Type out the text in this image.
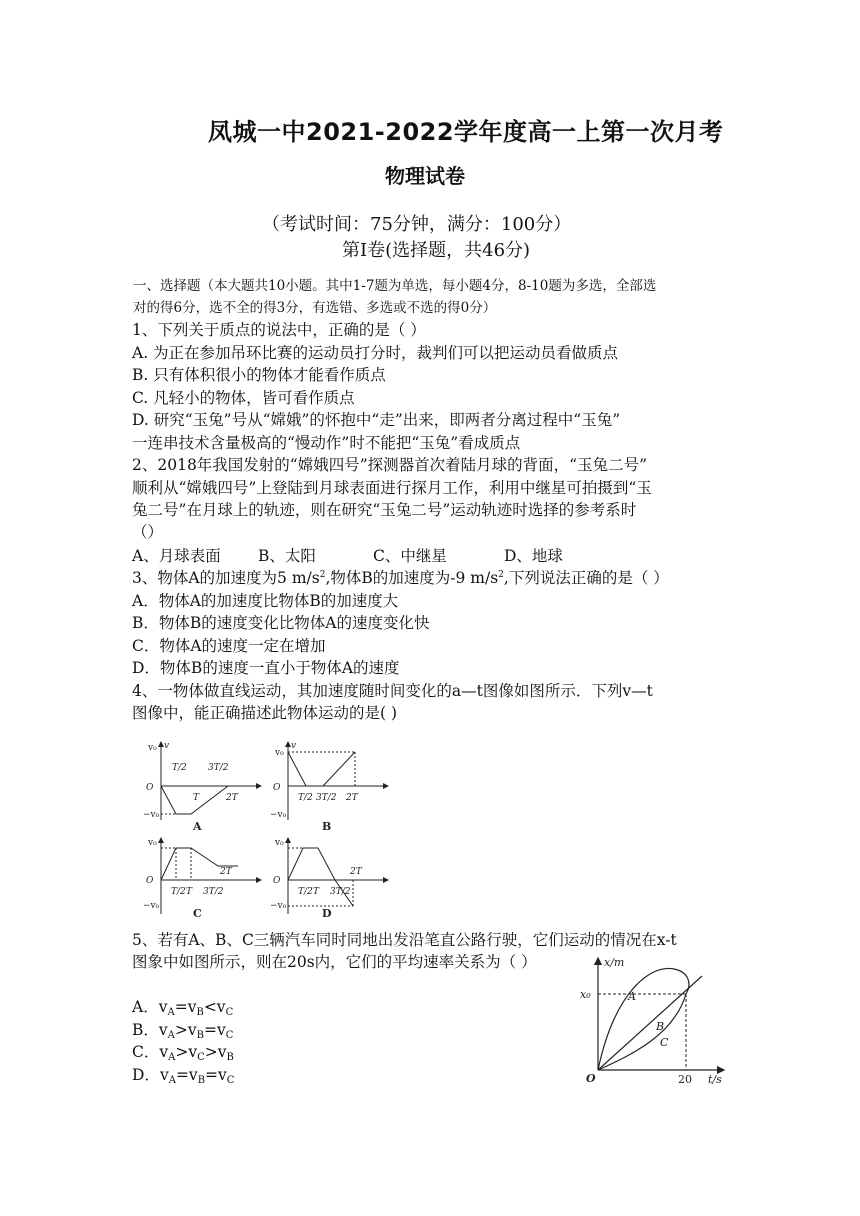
凤城一中2021-2022学年度高一上第一次月考
物理试卷
（考试时间：75分钟，满分：100分）
第Ⅰ卷(选择题，共46分)
一、选择题（本大题共10小题。其中1-7题为单选，每小题4分，8-10题为多选，全部选
对的得6分，选不全的得3分，有选错、多选或不选的得0分）
1、下列关于质点的说法中，正确的是（ ）
A. 为正在参加吊环比赛的运动员打分时，裁判们可以把运动员看做质点
B. 只有体积很小的物体才能看作质点
C. 凡轻小的物体，皆可看作质点
D. 研究“玉兔”号从“嫦娥”的怀抱中“走”出来，即两者分离过程中“玉兔”
一连串技术含量极高的“慢动作”时不能把“玉兔”看成质点
2、2018年我国发射的“嫦娥四号”探测器首次着陆月球的背面，“玉兔二号”
顺利从“嫦娥四号”上登陆到月球表面进行探月工作，利用中继星可拍摄到“玉
兔二号”在月球上的轨迹，则在研究“玉兔二号”运动轨迹时选择的参考系时
（）
A、月球表面 B、太阳	C、中继星	D、地球
3、物体A的加速度为5 $m/s^2$,物体B的加速度为-9 $m/s^2$,下列说法正确的是（ ）
A．物体A的加速度比物体B的加速度大
B．物体B的速度变化比物体A的速度变化快
C．物体A的速度一定在增加
D．物体B的速度一直小于物体A的速度
4、一物体做直线运动，其加速度随时间变化的a—t图像如图所示．下列v—t
图像中，能正确描述此物体运动的是( )
v₀ v
O
−v₀
T/2
T
3T/2
2T
A
v₀
v
O
−v₀
T/2 3T/2 2T
B
v₀
O
−v₀
T/2 T 3T/2
2T
C
v₀
O
−v₀
T/2 T 3T/2
2T
D
5、若有A、B、C三辆汽车同时同地出发沿笔直公路行驶，它们运动的情况在x-t
图象中如图所示，则在20s内，它们的平均速率关系为（ ）
A．$v_A=v_B<v_C$
B．$v_A>v_B=v_C$
C．$v_A>v_C>v_B$
D．$v_A=v_B=v_C$
x/m
x₀
O	20 t/s
A
B
C
